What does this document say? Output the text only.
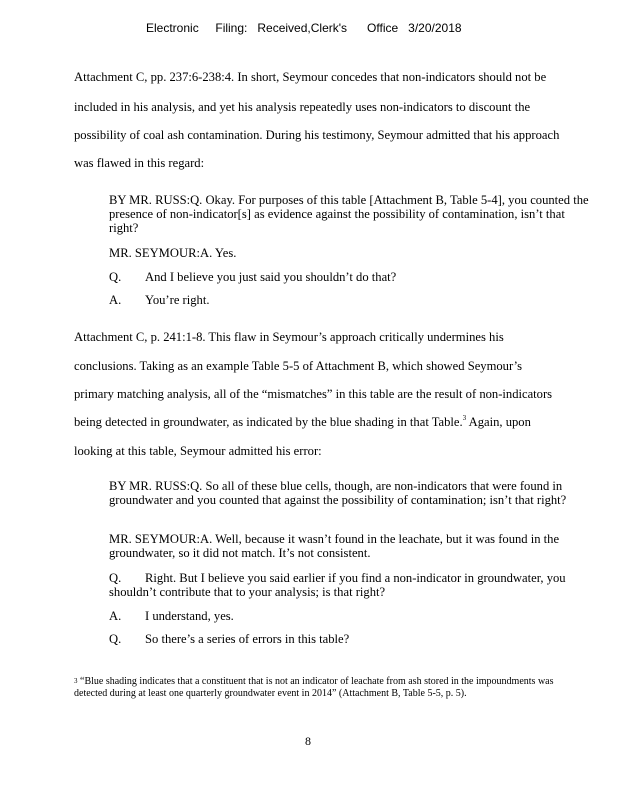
Electronic     Filing:   Received,Clerk's      Office   3/20/2018
Attachment C, pp. 237:6-238:4. In short, Seymour concedes that non-indicators should not be
included in his analysis, and yet his analysis repeatedly uses non-indicators to discount the
possibility of coal ash contamination. During his testimony, Seymour admitted that his approach
was flawed in this regard:

BY MR. RUSS:Q. Okay. For purposes of this table [Attachment B, Table 5-4], you counted the presence of non-indicator[s] as evidence against the possibility of contamination, isn’t that right?

MR. SEYMOUR:A. Yes.
Q. And I believe you just said you shouldn’t do that?
A. You’re right.
Attachment C, p. 241:1-8. This flaw in Seymour’s approach critically undermines his
conclusions. Taking as an example Table 5-5 of Attachment B, which showed Seymour’s
primary matching analysis, all of the “mismatches” in this table are the result of non-indicators
being detected in groundwater, as indicated by the blue shading in that Table.$^3$ Again, upon
looking at this table, Seymour admitted his error:

BY MR. RUSS:Q. So all of these blue cells, though, are non-indicators that were found in groundwater and you counted that against the possibility of contamination; isn’t that right?

MR. SEYMOUR:A. Well, because it wasn’t found in the leachate, but it was found in the groundwater, so it did not match. It’s not consistent.

Q. Right. But I believe you said earlier if you find a non-indicator in groundwater, you shouldn’t contribute that to your analysis; is that right?
A. I understand, yes.
Q. So there’s a series of errors in this table?
$^3$ “Blue shading indicates that a constituent that is not an indicator of leachate from ash stored in the impoundments was detected during at least one quarterly groundwater event in 2014” (Attachment B, Table 5-5, p. 5).
8
